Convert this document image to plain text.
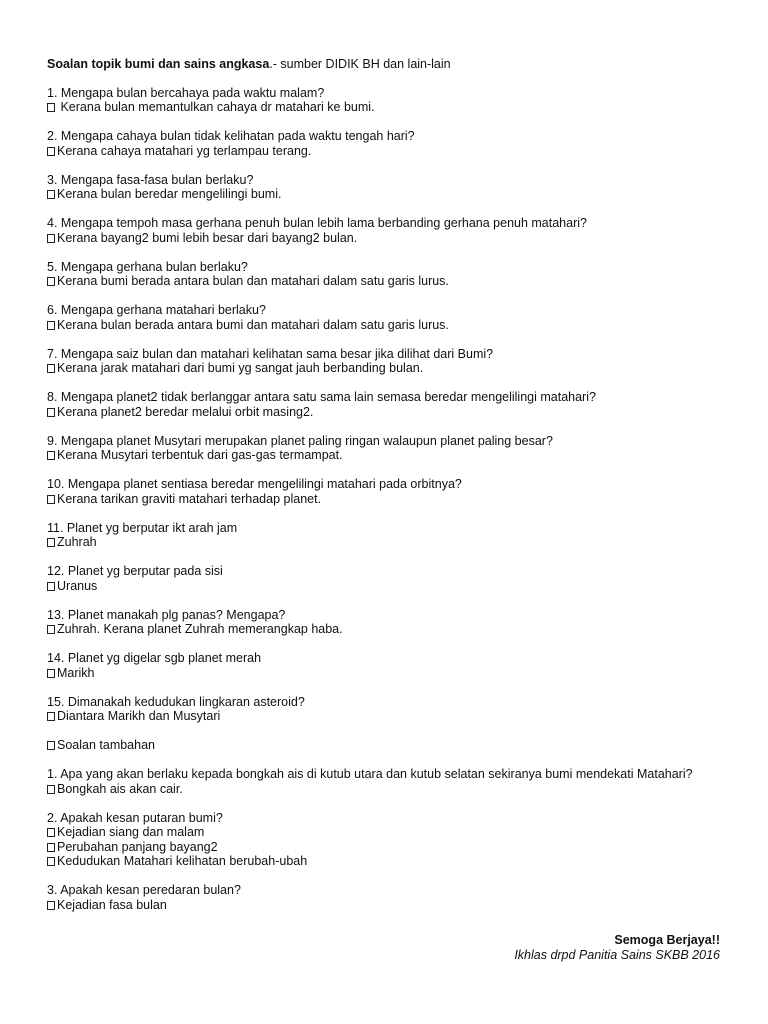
Soalan topik bumi dan sains angkasa.- sumber DIDIK BH dan lain-lain
1. Mengapa bulan bercahaya pada waktu malam?
Kerana bulan memantulkan cahaya dr matahari ke bumi.
2. Mengapa cahaya bulan tidak kelihatan pada waktu tengah hari?
Kerana cahaya matahari yg terlampau terang.
3. Mengapa fasa-fasa bulan berlaku?
Kerana bulan beredar mengelilingi bumi.
4. Mengapa tempoh masa gerhana penuh bulan lebih lama berbanding gerhana penuh matahari?
Kerana bayang2 bumi lebih besar dari bayang2 bulan.
5. Mengapa gerhana bulan berlaku?
Kerana bumi berada antara bulan dan matahari dalam satu garis lurus.
6. Mengapa gerhana matahari berlaku?
Kerana bulan berada antara bumi dan matahari dalam satu garis lurus.
7. Mengapa saiz bulan dan matahari kelihatan sama besar jika dilihat dari Bumi?
Kerana jarak matahari dari bumi yg sangat jauh berbanding bulan.
8. Mengapa planet2 tidak berlanggar antara satu sama lain semasa beredar mengelilingi matahari?
Kerana planet2 beredar melalui orbit masing2.
9. Mengapa planet Musytari merupakan planet paling ringan walaupun planet paling besar?
Kerana Musytari terbentuk dari gas-gas termampat.
10. Mengapa planet sentiasa beredar mengelilingi matahari pada orbitnya?
Kerana tarikan graviti matahari terhadap planet.
11. Planet yg berputar ikt arah jam
Zuhrah
12. Planet yg berputar pada sisi
Uranus
13. Planet manakah plg panas? Mengapa?
Zuhrah. Kerana planet Zuhrah memerangkap haba.
14. Planet yg digelar sgb planet merah
Marikh
15. Dimanakah kedudukan lingkaran asteroid?
Diantara Marikh dan Musytari
Soalan tambahan
1. Apa yang akan berlaku kepada bongkah ais di kutub utara dan kutub selatan sekiranya bumi mendekati Matahari?
Bongkah ais akan cair.
2. Apakah kesan putaran bumi?
Kejadian siang dan malam
Perubahan panjang bayang2
Kedudukan Matahari kelihatan berubah-ubah
3. Apakah kesan peredaran bulan?
Kejadian fasa bulan
Semoga Berjaya!!
Ikhlas drpd Panitia Sains SKBB 2016
